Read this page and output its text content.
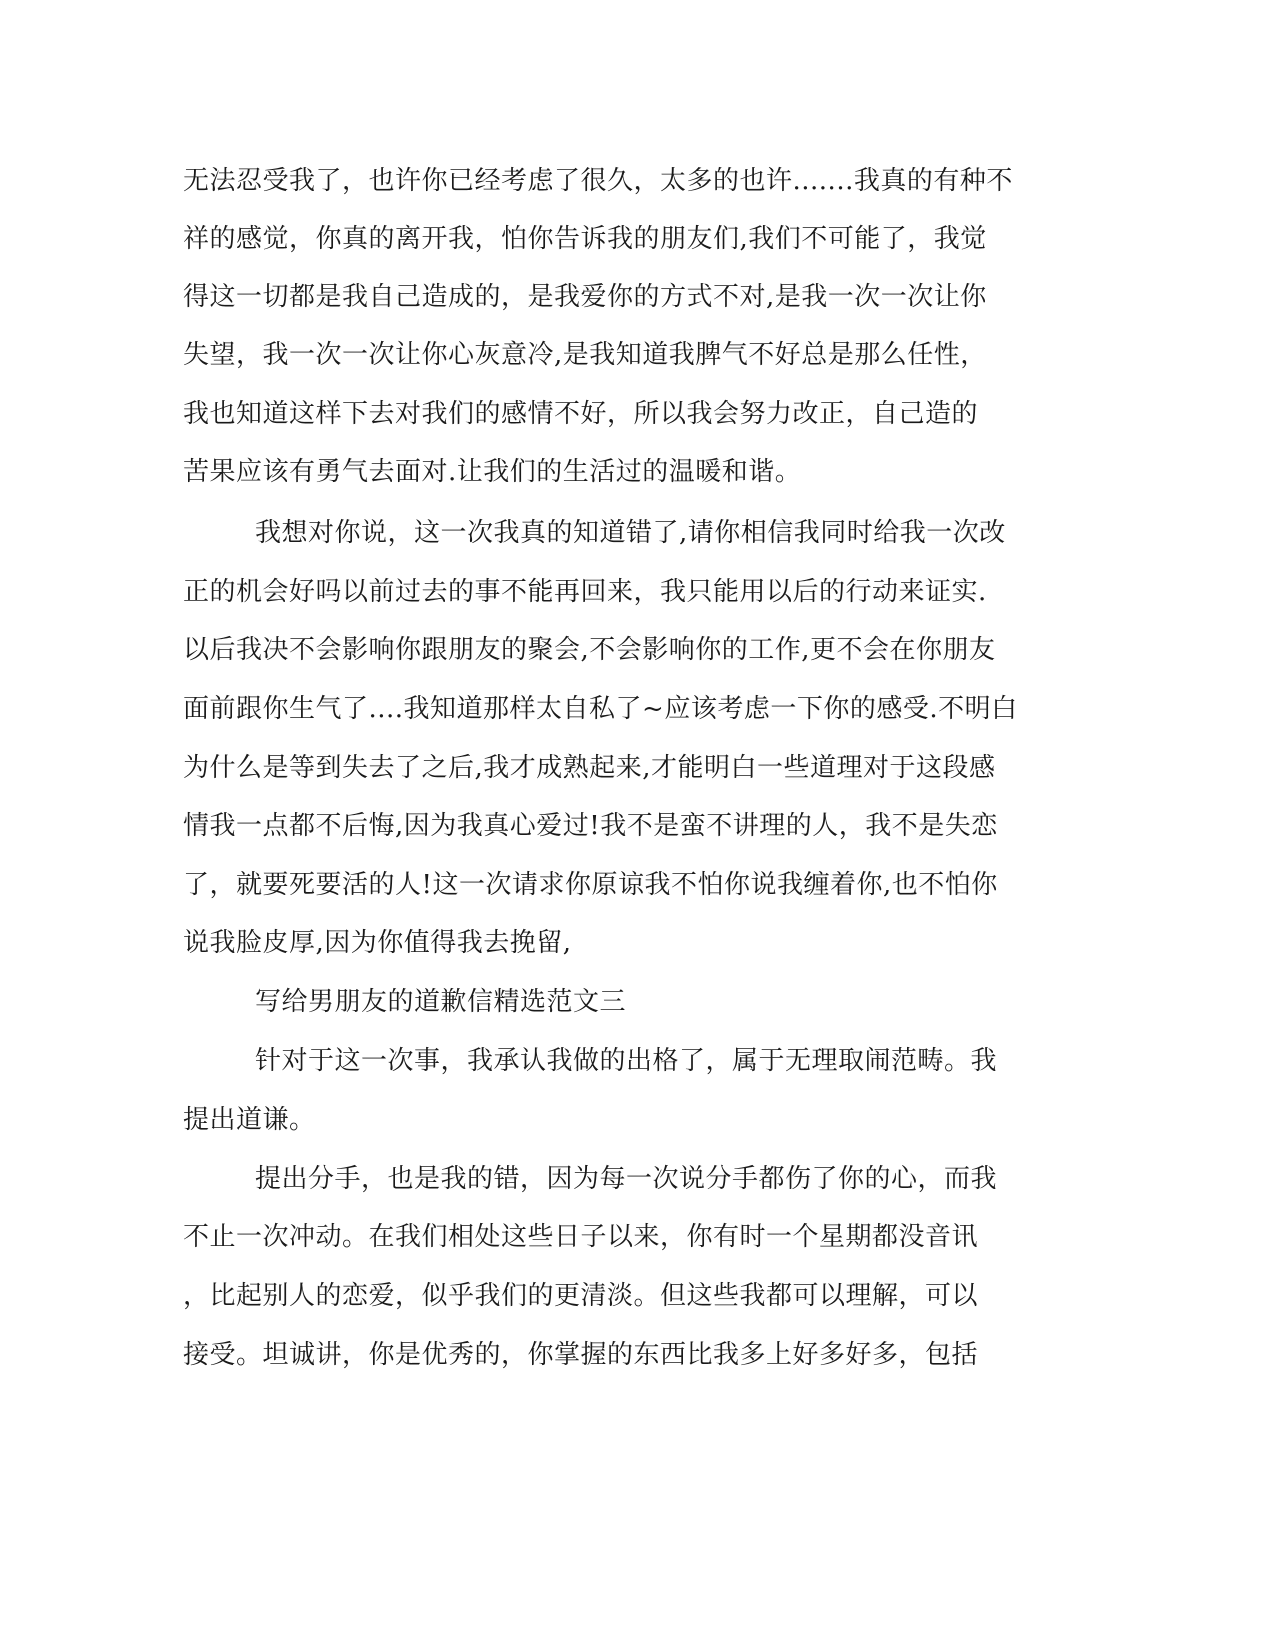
无法忍受我了，也许你已经考虑了很久，太多的也许.......我真的有种不
祥的感觉，你真的离开我，怕你告诉我的朋友们,我们不可能了，我觉
得这一切都是我自己造成的，是我爱你的方式不对,是我一次一次让你
失望，我一次一次让你心灰意冷,是我知道我脾气不好总是那么任性，
我也知道这样下去对我们的感情不好，所以我会努力改正，自己造的
苦果应该有勇气去面对.让我们的生活过的温暖和谐。
我想对你说，这一次我真的知道错了,请你相信我同时给我一次改
正的机会好吗以前过去的事不能再回来，我只能用以后的行动来证实.
以后我决不会影响你跟朋友的聚会,不会影响你的工作,更不会在你朋友
面前跟你生气了....我知道那样太自私了~应该考虑一下你的感受.不明白
为什么是等到失去了之后,我才成熟起来,才能明白一些道理对于这段感
情我一点都不后悔,因为我真心爱过!我不是蛮不讲理的人，我不是失恋
了，就要死要活的人!这一次请求你原谅我不怕你说我缠着你,也不怕你
说我脸皮厚,因为你值得我去挽留,
写给男朋友的道歉信精选范文三
针对于这一次事，我承认我做的出格了，属于无理取闹范畴。我
提出道谦。
提出分手，也是我的错，因为每一次说分手都伤了你的心，而我
不止一次冲动。在我们相处这些日子以来，你有时一个星期都没音讯
，比起别人的恋爱，似乎我们的更清淡。但这些我都可以理解，可以
接受。坦诚讲，你是优秀的，你掌握的东西比我多上好多好多，包括
